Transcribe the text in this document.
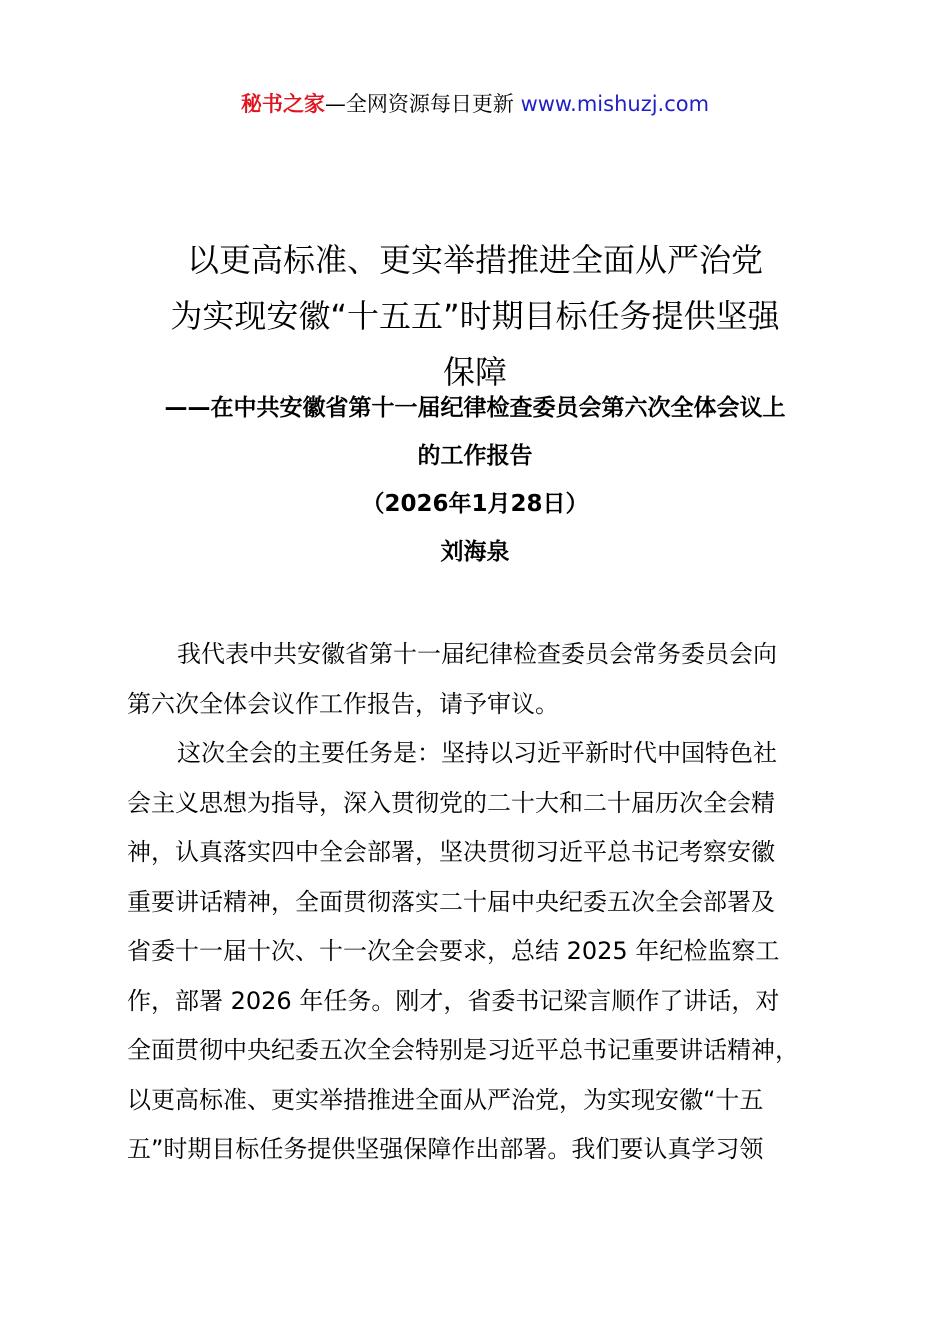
秘书之家—全网资源每日更新 www.mishuzj.com
以更高标准、更实举措推进全面从严治党
为实现安徽“十五五”时期目标任务提供坚强
保障
——在中共安徽省第十一届纪律检查委员会第六次全体会议上
的工作报告
（2026年1月28日）
刘海泉
我代表中共安徽省第十一届纪律检查委员会常务委员会向
第六次全体会议作工作报告，请予审议。
这次全会的主要任务是：坚持以习近平新时代中国特色社
会主义思想为指导，深入贯彻党的二十大和二十届历次全会精
神，认真落实四中全会部署，坚决贯彻习近平总书记考察安徽
重要讲话精神，全面贯彻落实二十届中央纪委五次全会部署及
省委十一届十次、十一次全会要求，总结 2025 年纪检监察工
作，部署 2026 年任务。刚才，省委书记梁言顺作了讲话，对
全面贯彻中央纪委五次全会特别是习近平总书记重要讲话精神，
以更高标准、更实举措推进全面从严治党，为实现安徽“十五
五”时期目标任务提供坚强保障作出部署。我们要认真学习领
